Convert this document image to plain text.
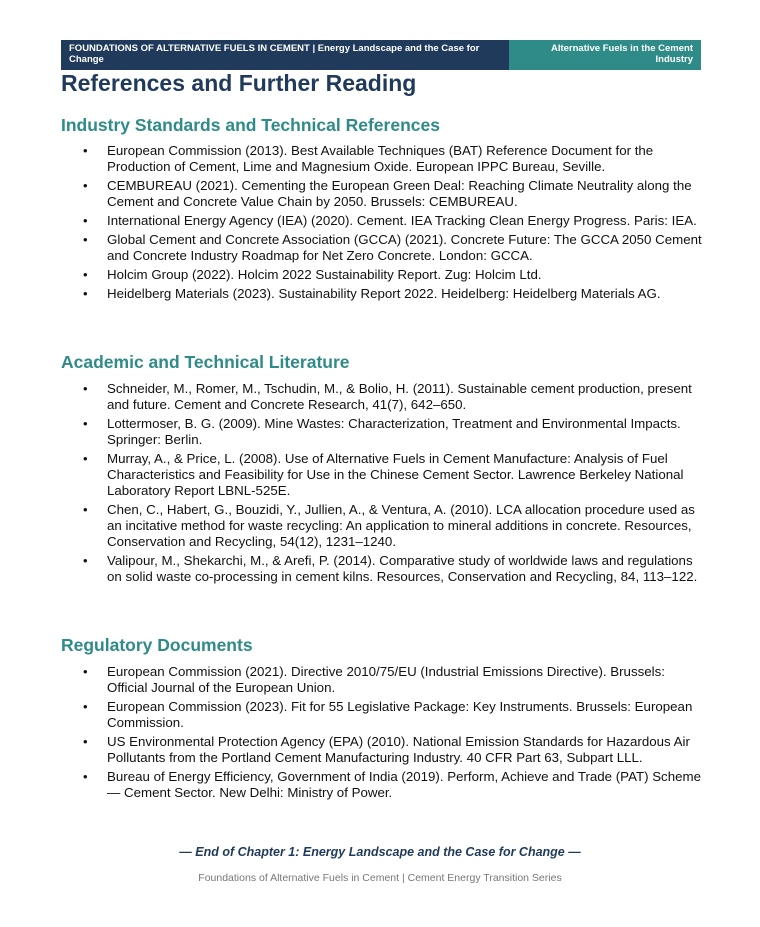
FOUNDATIONS OF ALTERNATIVE FUELS IN CEMENT | Energy Landscape and the Case for Change
Alternative Fuels in the Cement Industry
References and Further Reading
Industry Standards and Technical References
• European Commission (2013). Best Available Techniques (BAT) Reference Document for the Production of Cement, Lime and Magnesium Oxide. European IPPC Bureau, Seville.
• CEMBUREAU (2021). Cementing the European Green Deal: Reaching Climate Neutrality along the Cement and Concrete Value Chain by 2050. Brussels: CEMBUREAU.
• International Energy Agency (IEA) (2020). Cement. IEA Tracking Clean Energy Progress. Paris: IEA.
• Global Cement and Concrete Association (GCCA) (2021). Concrete Future: The GCCA 2050 Cement and Concrete Industry Roadmap for Net Zero Concrete. London: GCCA.
• Holcim Group (2022). Holcim 2022 Sustainability Report. Zug: Holcim Ltd.
• Heidelberg Materials (2023). Sustainability Report 2022. Heidelberg: Heidelberg Materials AG.
Academic and Technical Literature
• Schneider, M., Romer, M., Tschudin, M., & Bolio, H. (2011). Sustainable cement production, present and future. Cement and Concrete Research, 41(7), 642–650.
• Lottermoser, B. G. (2009). Mine Wastes: Characterization, Treatment and Environmental Impacts. Springer: Berlin.
• Murray, A., & Price, L. (2008). Use of Alternative Fuels in Cement Manufacture: Analysis of Fuel Characteristics and Feasibility for Use in the Chinese Cement Sector. Lawrence Berkeley National Laboratory Report LBNL-525E.
• Chen, C., Habert, G., Bouzidi, Y., Jullien, A., & Ventura, A. (2010). LCA allocation procedure used as an incitative method for waste recycling: An application to mineral additions in concrete. Resources, Conservation and Recycling, 54(12), 1231–1240.
• Valipour, M., Shekarchi, M., & Arefi, P. (2014). Comparative study of worldwide laws and regulations on solid waste co-processing in cement kilns. Resources, Conservation and Recycling, 84, 113–122.
Regulatory Documents
• European Commission (2021). Directive 2010/75/EU (Industrial Emissions Directive). Brussels: Official Journal of the European Union.
• European Commission (2023). Fit for 55 Legislative Package: Key Instruments. Brussels: European Commission.
• US Environmental Protection Agency (EPA) (2010). National Emission Standards for Hazardous Air Pollutants from the Portland Cement Manufacturing Industry. 40 CFR Part 63, Subpart LLL.
• Bureau of Energy Efficiency, Government of India (2019). Perform, Achieve and Trade (PAT) Scheme — Cement Sector. New Delhi: Ministry of Power.
— End of Chapter 1: Energy Landscape and the Case for Change —
Foundations of Alternative Fuels in Cement | Cement Energy Transition Series
